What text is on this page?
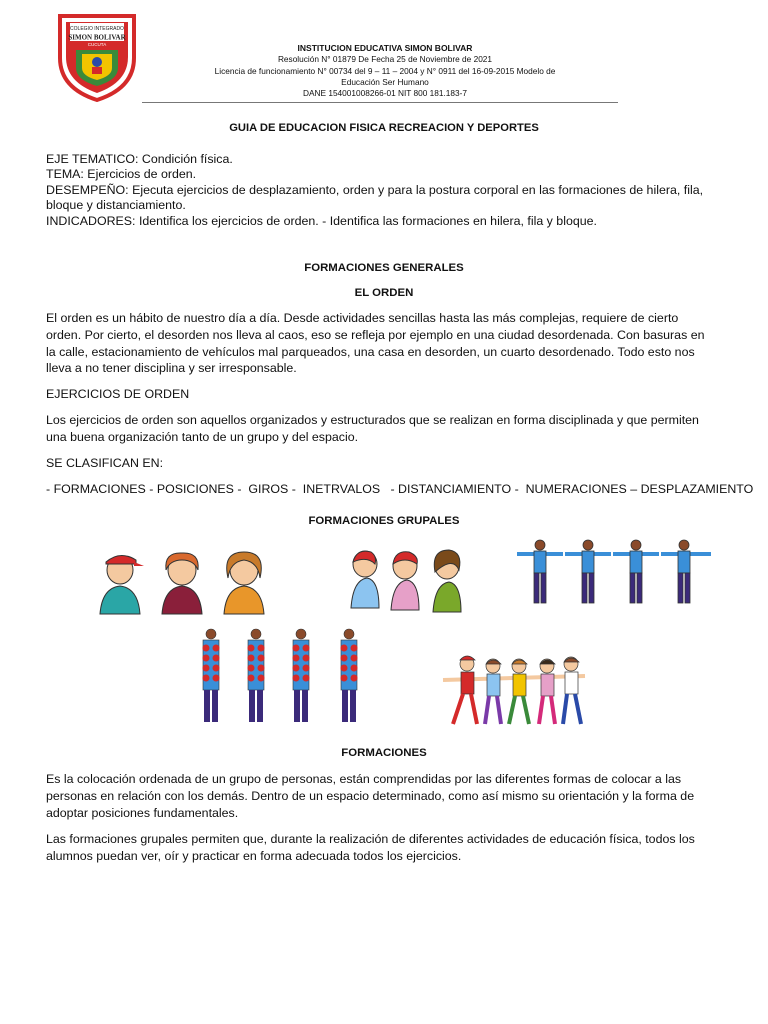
COLEGIO INTEGRADO
SIMON BOLIVAR
CUCUTA	INSTITUCION EDUCATIVA SIMON BOLIVAR
Resolución N° 01879 De Fecha 25 de Noviembre de 2021
Licencia de funcionamiento N° 00734 del 9 – 11 – 2004 y N° 0911 del 16-09-2015 Modelo de
Educación Ser Humano
DANE 154001008266-01 NIT 800 181.183-7
GUIA DE EDUCACION FISICA RECREACION Y DEPORTES
EJE TEMATICO: Condición física.
TEMA: Ejercicios de orden.
DESEMPEÑO: Ejecuta ejercicios de desplazamiento, orden y para la postura corporal en las formaciones de hilera, fila,
bloque y distanciamiento.
INDICADORES: Identifica los ejercicios de orden. - Identifica las formaciones en hilera, fila y bloque.
FORMACIONES GENERALES
EL ORDEN
El orden es un hábito de nuestro día a día. Desde actividades sencillas hasta las más complejas, requiere de cierto
orden. Por cierto, el desorden nos lleva al caos, eso se refleja por ejemplo en una ciudad desordenada. Con basuras en
la calle, estacionamiento de vehículos mal parqueados, una casa en desorden, un cuarto desordenado. Todo esto nos
lleva a no tener disciplina y ser irresponsable.
EJERCICIOS DE ORDEN
Los ejercicios de orden son aquellos organizados y estructurados que se realizan en forma disciplinada y que permiten
una buena organización tanto de un grupo y del espacio.
SE CLASIFICAN EN:
- FORMACIONES - POSICIONES -  GIROS -  INETRVALOS   - DISTANCIAMIENTO -  NUMERACIONES – DESPLAZAMIENTO
FORMACIONES GRUPALES
FORMACIONES
Es la colocación ordenada de un grupo de personas, están comprendidas por las diferentes formas de colocar a las
personas en relación con los demás. Dentro de un espacio determinado, como así mismo su orientación y la forma de
adoptar posiciones fundamentales.
Las formaciones grupales permiten que, durante la realización de diferentes actividades de educación física, todos los
alumnos puedan ver, oír y practicar en forma adecuada todos los ejercicios.
